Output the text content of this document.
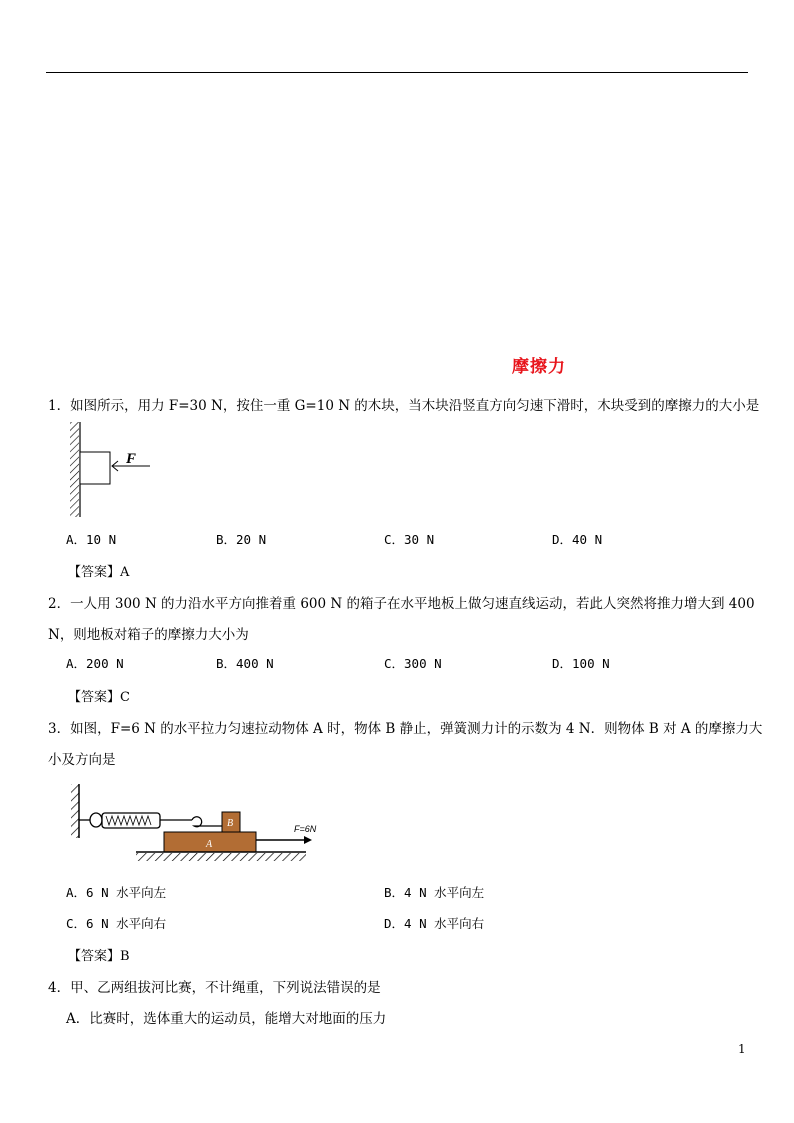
摩擦力
1．如图所示，用力 F=30 N，按住一重 G=10 N 的木块，当木块沿竖直方向匀速下滑时，木块受到的摩擦力的大小是
F
A．10 N	B．20 N	C．30 N	D．40 N
【答案】A
2．一人用 300 N 的力沿水平方向推着重 600 N 的箱子在水平地板上做匀速直线运动，若此人突然将推力增大到 400
N，则地板对箱子的摩擦力大小为
A．200 N	B．400 N	C．300 N	D．100 N
【答案】C
3．如图，F=6 N 的水平拉力匀速拉动物体 A 时，物体 B 静止，弹簧测力计的示数为 4 N．则物体 B 对 A 的摩擦力大
小及方向是
A
B	F=6N
A．6 N 水平向左	B．4 N 水平向左
C．6 N 水平向右	D．4 N 水平向右
【答案】B
4．甲、乙两组拔河比赛，不计绳重，下列说法错误的是
A．比赛时，选体重大的运动员，能增大对地面的压力
1
